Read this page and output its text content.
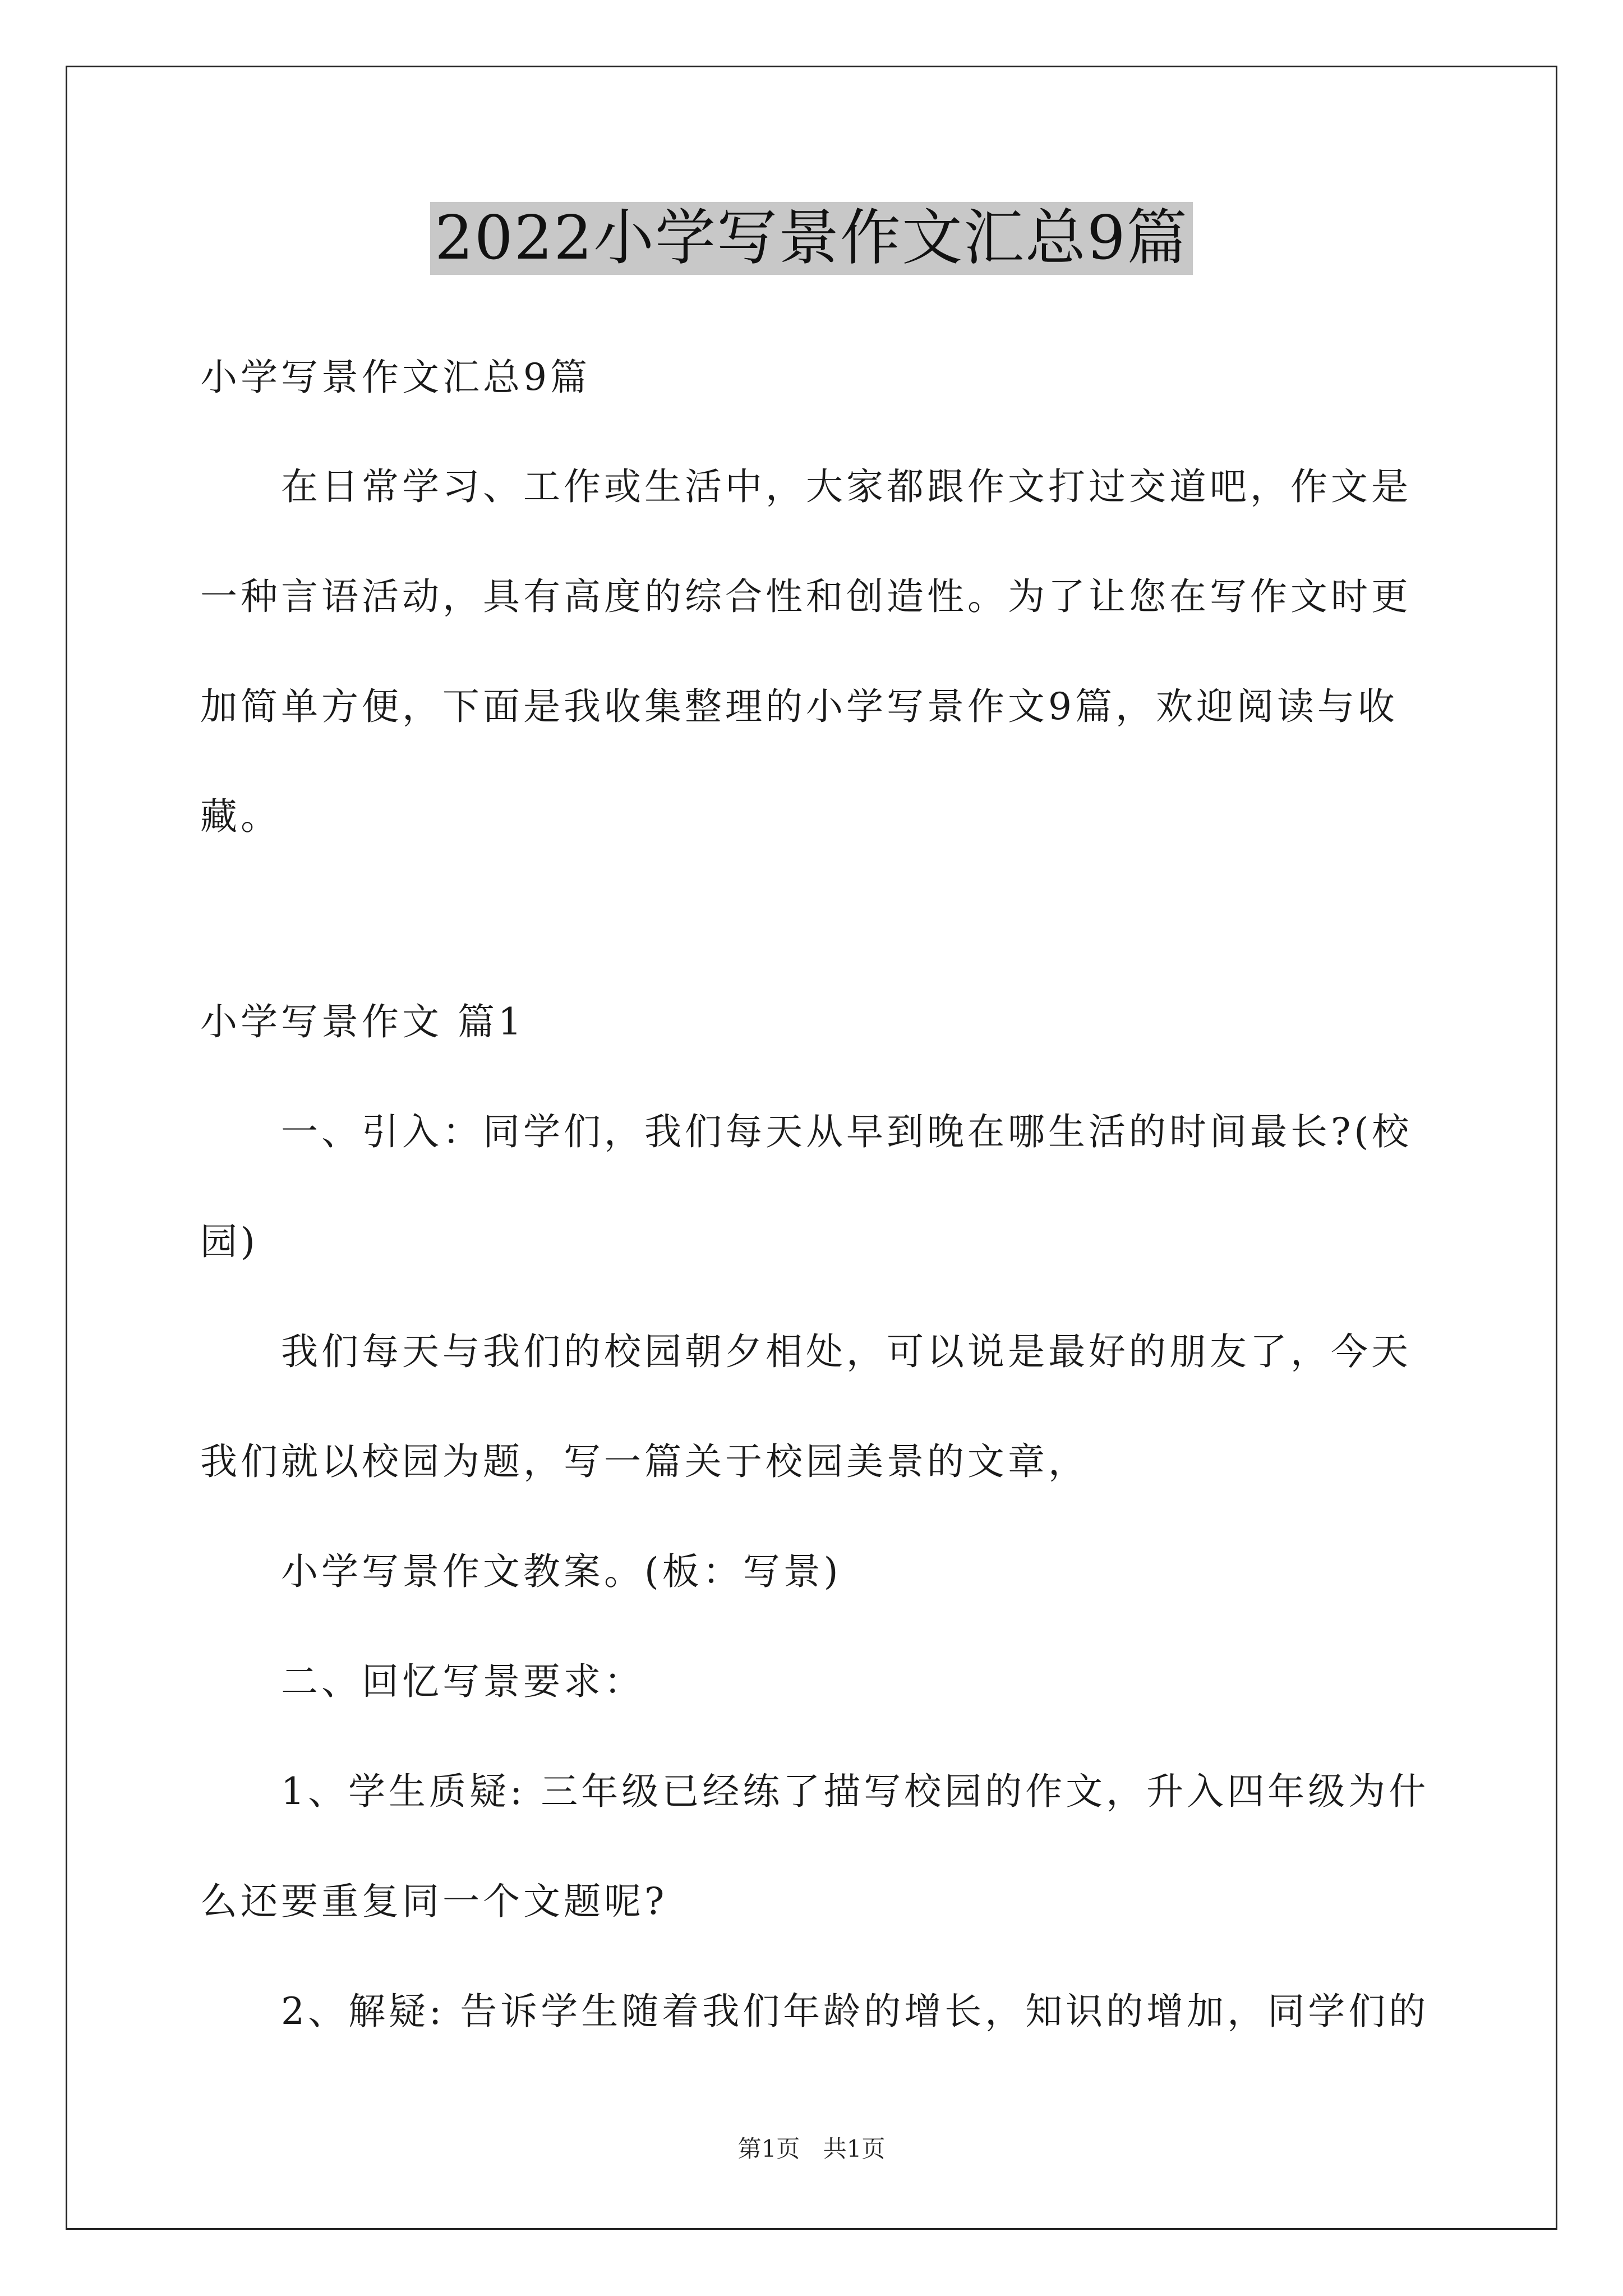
2022小学写景作文汇总9篇
小学写景作文汇总9篇
在日常学习、工作或生活中，大家都跟作文打过交道吧，作文是
一种言语活动，具有高度的综合性和创造性。为了让您在写作文时更
加简单方便，下面是我收集整理的小学写景作文9篇，欢迎阅读与收
藏。
小学写景作文 篇1
一、引入：同学们，我们每天从早到晚在哪生活的时间最长?(校
园)
我们每天与我们的校园朝夕相处，可以说是最好的朋友了，今天
我们就以校园为题，写一篇关于校园美景的文章，
小学写景作文教案。(板：写景)
二、回忆写景要求：
1、学生质疑: 三年级已经练了描写校园的作文，升入四年级为什
么还要重复同一个文题呢?
2、解疑: 告诉学生随着我们年龄的增长，知识的增加，同学们的
第1页 共1页
